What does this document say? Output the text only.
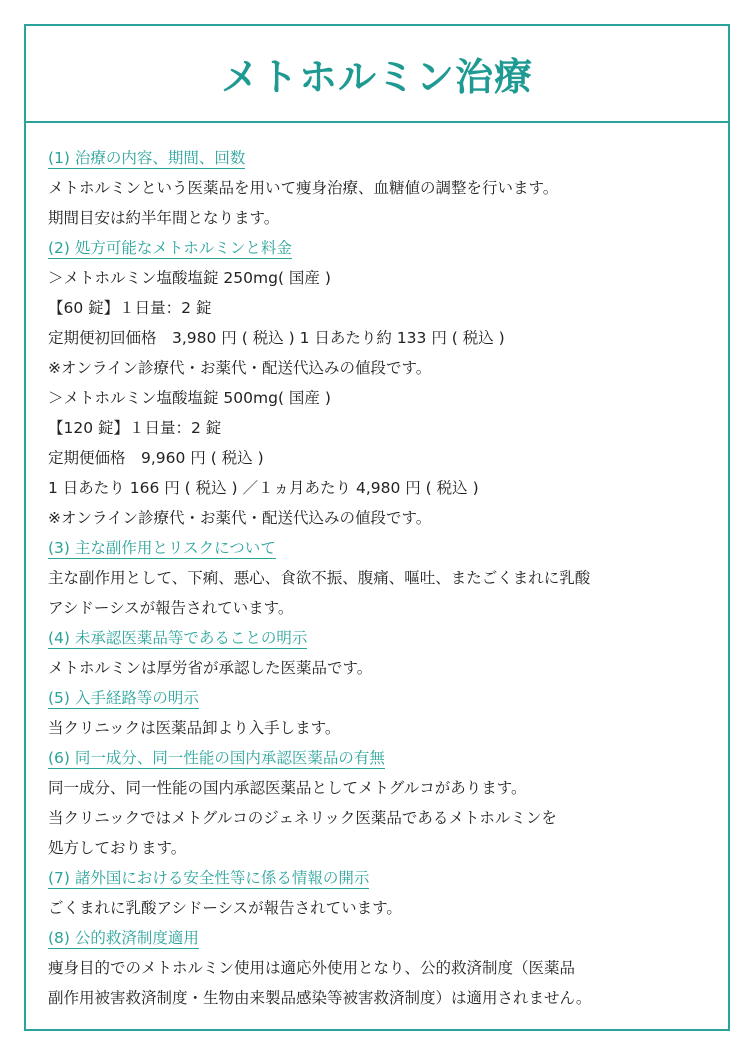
メトホルミン治療
(1) 治療の内容、期間、回数
メトホルミンという医薬品を用いて痩身治療、血糖値の調整を行います。
期間目安は約半年間となります。
(2) 処方可能なメトホルミンと料金
＞メトホルミン塩酸塩錠 250mg( 国産 )
【60 錠】１日量：2 錠
定期便初回価格　3,980 円 ( 税込 ) 1 日あたり約 133 円 ( 税込 )
※オンライン診療代・お薬代・配送代込みの値段です。
＞メトホルミン塩酸塩錠 500mg( 国産 )
【120 錠】１日量：2 錠
定期便価格　9,960 円 ( 税込 )
1 日あたり 166 円 ( 税込 ) ／１ヵ月あたり 4,980 円 ( 税込 )
※オンライン診療代・お薬代・配送代込みの値段です。
(3) 主な副作用とリスクについて
主な副作用として、下痢、悪心、食欲不振、腹痛、嘔吐、またごくまれに乳酸
アシドーシスが報告されています。
(4) 未承認医薬品等であることの明示
メトホルミンは厚労省が承認した医薬品です。
(5) 入手経路等の明示
当クリニックは医薬品卸より入手します。
(6) 同一成分、同一性能の国内承認医薬品の有無
同一成分、同一性能の国内承認医薬品としてメトグルコがあります。
当クリニックではメトグルコのジェネリック医薬品であるメトホルミンを
処方しております。
(7) 諸外国における安全性等に係る情報の開示
ごくまれに乳酸アシドーシスが報告されています。
(8) 公的救済制度適用
痩身目的でのメトホルミン使用は適応外使用となり、公的救済制度（医薬品
副作用被害救済制度・生物由来製品感染等被害救済制度）は適用されません。
